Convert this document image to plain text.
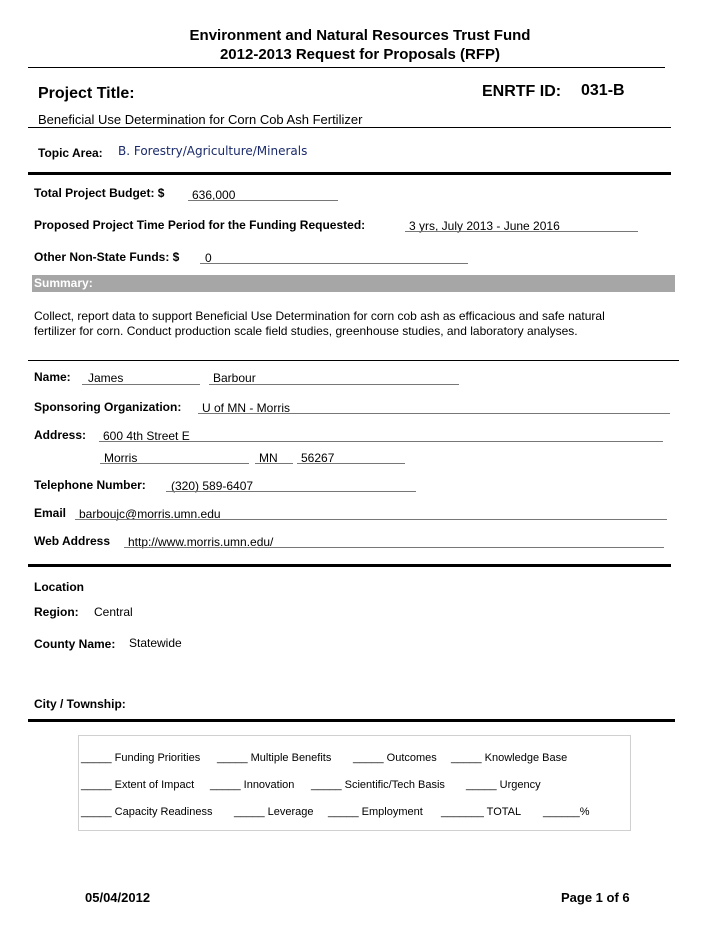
Environment and Natural Resources Trust Fund
2012-2013 Request for Proposals (RFP)
Project Title:	ENRTF ID: 031-B
Beneficial Use Determination for Corn Cob Ash Fertilizer
Topic Area: B. Forestry/Agriculture/Minerals
Total Project Budget: $ 636,000
Proposed Project Time Period for the Funding Requested:	3 yrs, July 2013 - June 2016
Other Non-State Funds: $ 0
Summary:
Collect, report data to support Beneficial Use Determination for corn cob ash as efficacious and safe natural
fertilizer for corn. Conduct production scale field studies, greenhouse studies, and laboratory analyses.
Name: James	Barbour
Sponsoring Organization: U of MN - Morris
Address: 600 4th Street E
Morris	MN 56267
Telephone Number: (320) 589-6407
Email barboujc@morris.umn.edu
Web Address http://www.morris.umn.edu/
Location
Region: Central
County Name: Statewide
City / Township:
_____ Funding Priorities _____ Multiple Benefits _____ Outcomes _____ Knowledge Base
_____ Extent of Impact _____ Innovation _____ Scientific/Tech Basis _____ Urgency
_____ Capacity Readiness _____ Leverage _____ Employment _______ TOTAL ______%
05/04/2012	Page 1 of 6
